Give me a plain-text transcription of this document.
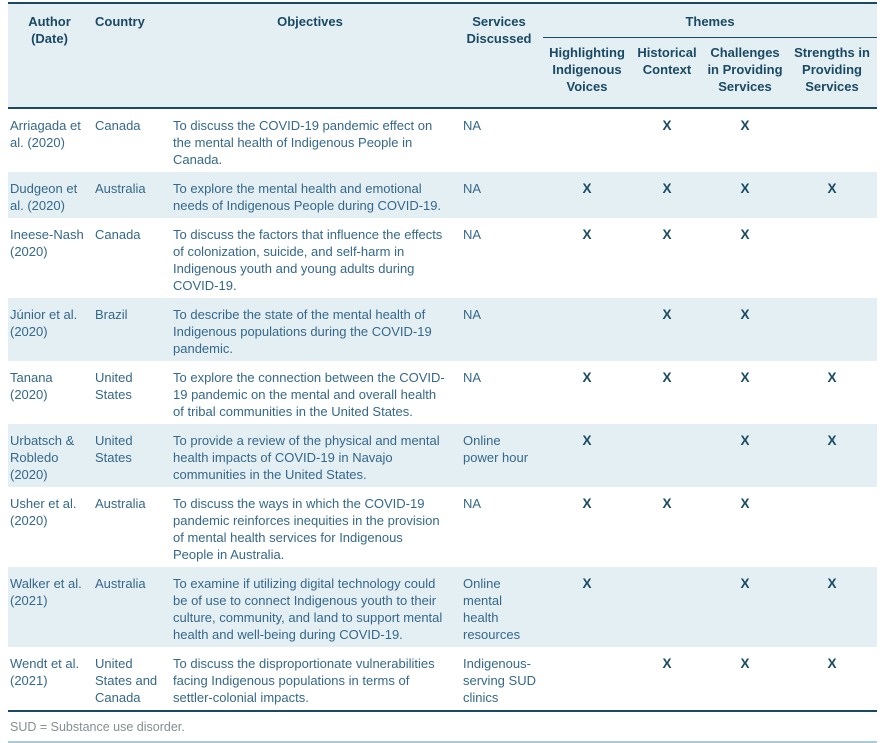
Author (Date)	Country	Objectives	Services Discussed	Themes			
				Highlighting Indigenous Voices	Historical Context	Challenges in Providing Services	Strengths in Providing Services
Arriagada et al. (2020)	Canada	To discuss the COVID-19 pandemic effect on the mental health of Indigenous People in Canada.	NA		X	X	
Dudgeon et al. (2020)	Australia	To explore the mental health and emotional needs of Indigenous People during COVID-19.	NA	X	X	X	X
Ineese-Nash (2020)	Canada	To discuss the factors that influence the effects of colonization, suicide, and self-harm in Indigenous youth and young adults during COVID-19.	NA	X	X	X	
Júnior et al. (2020)	Brazil	To describe the state of the mental health of Indigenous populations during the COVID-19 pandemic.	NA		X	X	
Tanana (2020)	United States	To explore the connection between the COVID-19 pandemic on the mental and overall health of tribal communities in the United States.	NA	X	X	X	X
Urbatsch & Robledo (2020)	United States	To provide a review of the physical and mental health impacts of COVID-19 in Navajo communities in the United States.	Online power hour	X		X	X
Usher et al. (2020)	Australia	To discuss the ways in which the COVID-19 pandemic reinforces inequities in the provision of mental health services for Indigenous People in Australia.	NA	X	X	X	
Walker et al. (2021)	Australia	To examine if utilizing digital technology could be of use to connect Indigenous youth to their culture, community, and land to support mental health and well-being during COVID-19.	Online mental health resources	X		X	X
Wendt et al. (2021)	United States and Canada	To discuss the disproportionate vulnerabilities facing Indigenous populations in terms of settler-colonial impacts.	Indigenous-serving SUD clinics		X	X	X
SUD = Substance use disorder.
